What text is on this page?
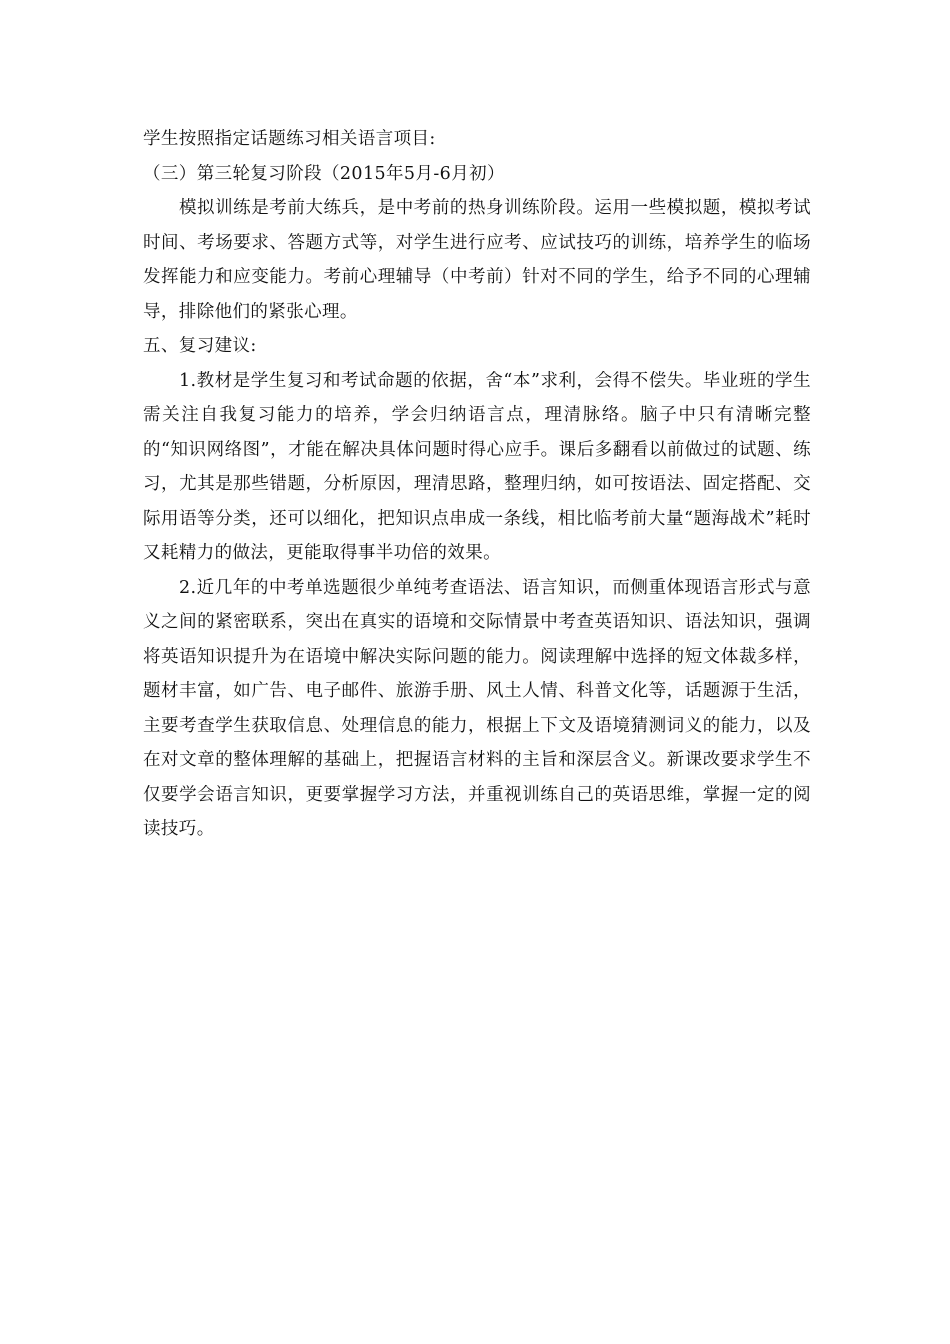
学生按照指定话题练习相关语言项目:

（三）第三轮复习阶段（2015年5月-6月初）

模拟训练是考前大练兵，是中考前的热身训练阶段。运用一些模拟题，模拟考试时间、考场要求、答题方式等，对学生进行应考、应试技巧的训练，培养学生的临场发挥能力和应变能力。考前心理辅导（中考前）针对不同的学生，给予不同的心理辅导，排除他们的紧张心理。

五、复习建议:

1.教材是学生复习和考试命题的依据，舍“本”求利，会得不偿失。毕业班的学生需关注自我复习能力的培养，学会归纳语言点，理清脉络。脑子中只有清晰完整的“知识网络图”，才能在解决具体问题时得心应手。课后多翻看以前做过的试题、练习，尤其是那些错题，分析原因，理清思路，整理归纳，如可按语法、固定搭配、交际用语等分类，还可以细化，把知识点串成一条线，相比临考前大量“题海战术”耗时又耗精力的做法，更能取得事半功倍的效果。

2.近几年的中考单选题很少单纯考查语法、语言知识，而侧重体现语言形式与意义之间的紧密联系，突出在真实的语境和交际情景中考查英语知识、语法知识，强调将英语知识提升为在语境中解决实际问题的能力。阅读理解中选择的短文体裁多样，题材丰富，如广告、电子邮件、旅游手册、风土人情、科普文化等，话题源于生活，主要考查学生获取信息、处理信息的能力，根据上下文及语境猜测词义的能力，以及在对文章的整体理解的基础上，把握语言材料的主旨和深层含义。新课改要求学生不仅要学会语言知识，更要掌握学习方法，并重视训练自己的英语思维，掌握一定的阅读技巧。
